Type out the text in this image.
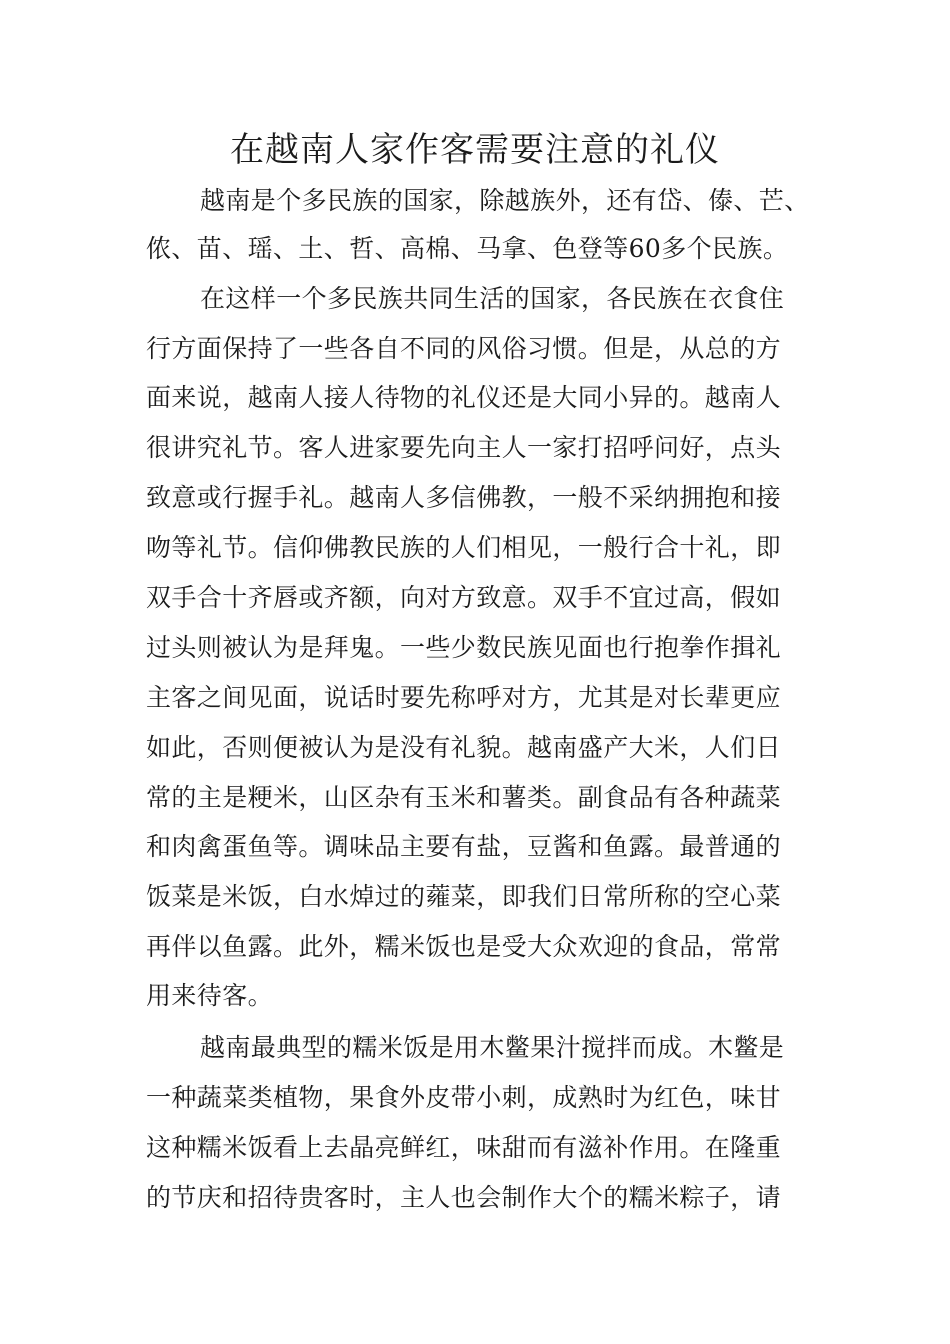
在越南人家作客需要注意的礼仪
越南是个多民族的国家，除越族外，还有岱、傣、芒、
侬、苗、瑶、土、哲、高棉、马拿、色登等60多个民族。
在这样一个多民族共同生活的国家，各民族在衣食住
行方面保持了一些各自不同的风俗习惯。但是，从总的方
面来说，越南人接人待物的礼仪还是大同小异的。越南人
很讲究礼节。客人进家要先向主人一家打招呼问好，点头
致意或行握手礼。越南人多信佛教，一般不采纳拥抱和接
吻等礼节。信仰佛教民族的人们相见，一般行合十礼，即
双手合十齐唇或齐额，向对方致意。双手不宜过高，假如
过头则被认为是拜鬼。一些少数民族见面也行抱拳作揖礼
主客之间见面，说话时要先称呼对方，尤其是对长辈更应
如此，否则便被认为是没有礼貌。越南盛产大米，人们日
常的主是粳米，山区杂有玉米和薯类。副食品有各种蔬菜
和肉禽蛋鱼等。调味品主要有盐，豆酱和鱼露。最普通的
饭菜是米饭，白水焯过的蕹菜，即我们日常所称的空心菜
再伴以鱼露。此外，糯米饭也是受大众欢迎的食品，常常
用来待客。
越南最典型的糯米饭是用木鳖果汁搅拌而成。木鳖是
一种蔬菜类植物，果食外皮带小刺，成熟时为红色，味甘
这种糯米饭看上去晶亮鲜红，味甜而有滋补作用。在隆重
的节庆和招待贵客时，主人也会制作大个的糯米粽子，请
